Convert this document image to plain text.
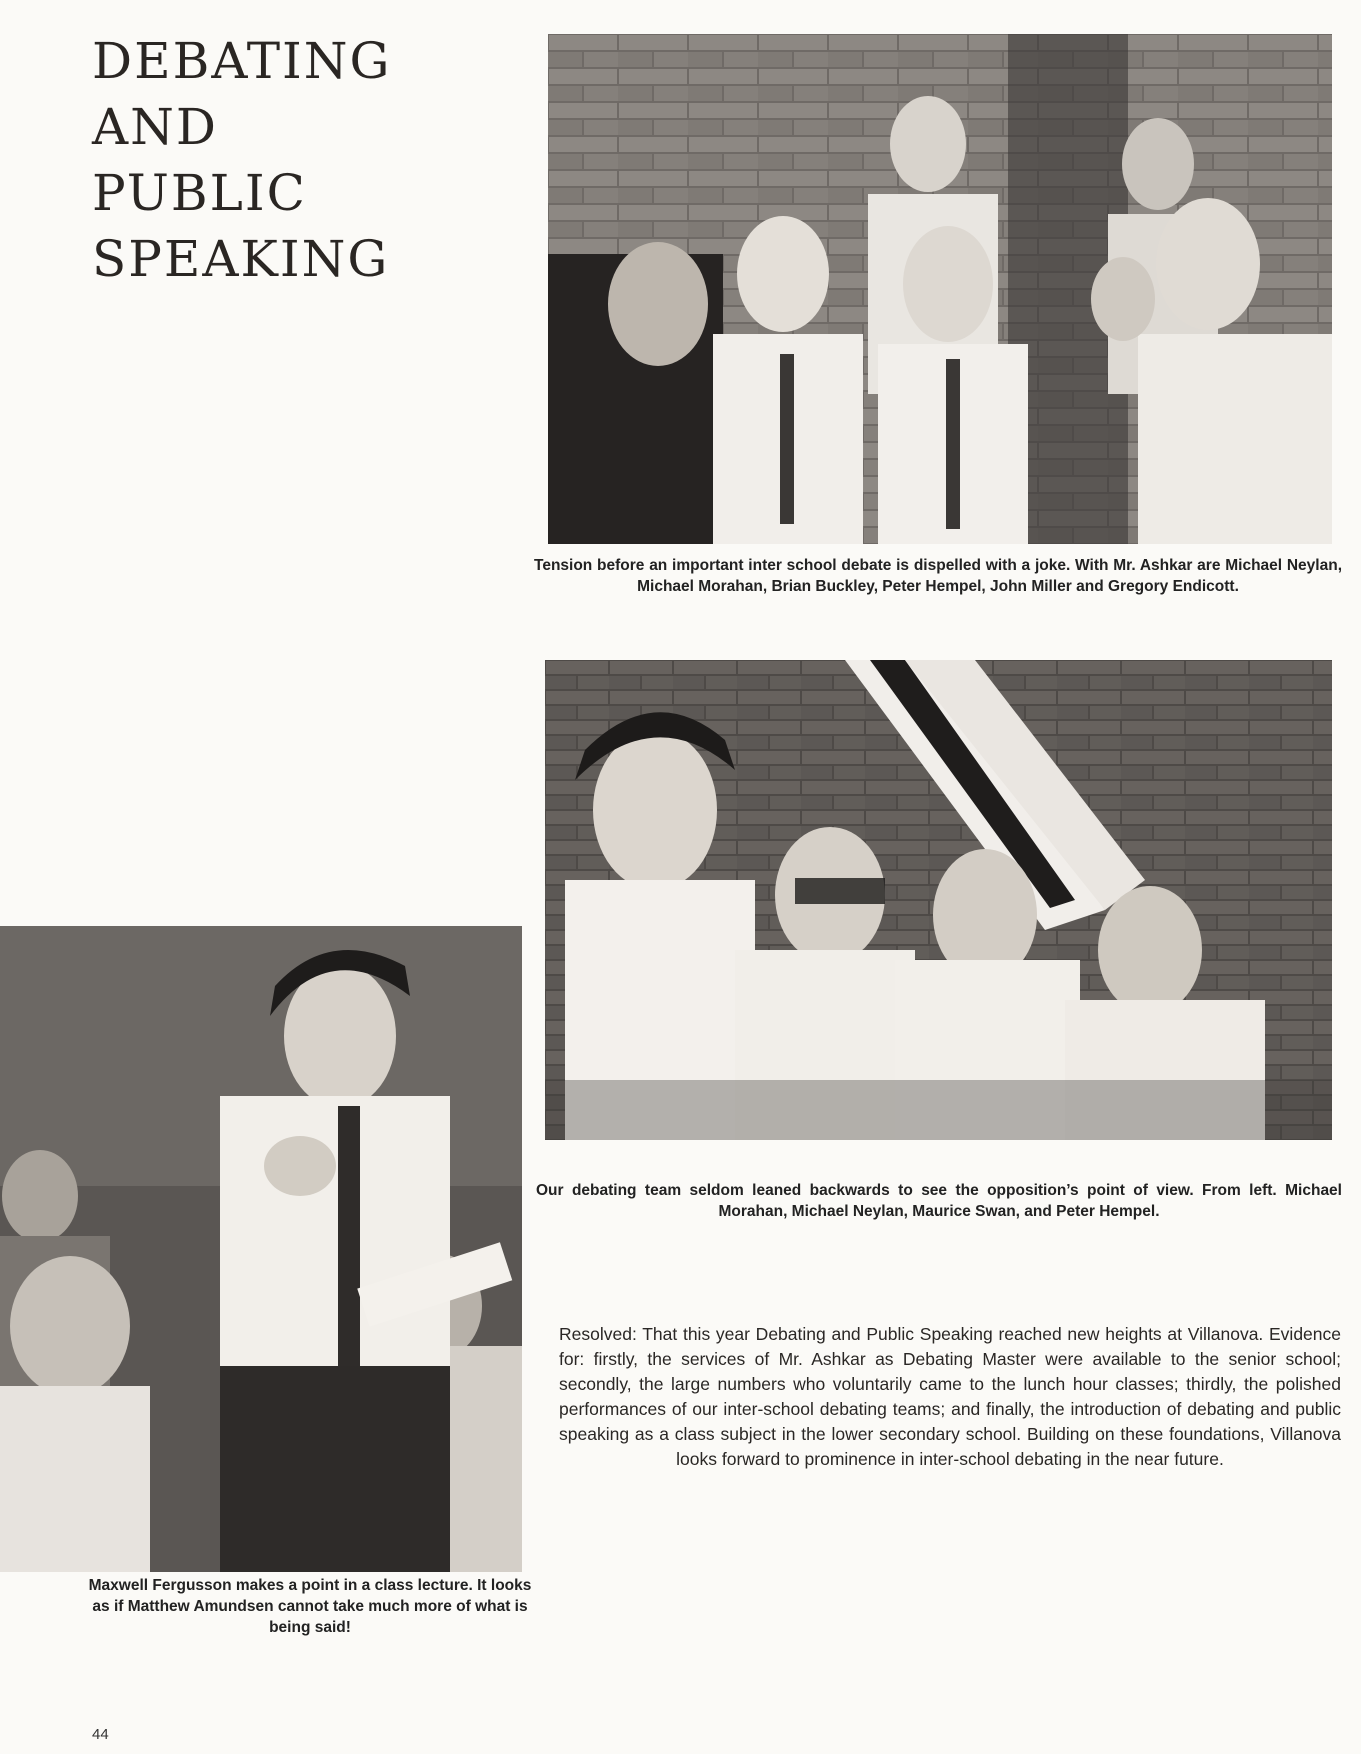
DEBATING
AND
PUBLIC
SPEAKING
Tension before an important inter school debate is dispelled with a joke. With Mr. Ashkar are Michael Neylan, Michael Morahan, Brian Buckley, Peter Hempel, John Miller and Gregory Endicott.
Our debating team seldom leaned backwards to see the opposition’s point of view. From left. Michael Morahan, Michael Neylan, Maurice Swan, and Peter Hempel.
Maxwell Fergusson makes a point in a class lecture. It looks as if Matthew Amundsen cannot take much more of what is being said!
Resolved: That this year Debating and Public Speaking reached new heights at Villanova. Evidence for: firstly, the services of Mr. Ashkar as Debating Master were available to the senior school; secondly, the large numbers who voluntarily came to the lunch hour classes; thirdly, the polished performances of our inter-school debating teams; and finally, the introduction of debating and public speaking as a class subject in the lower secondary school. Building on these foundations, Villanova looks forward to prominence in inter-school debating in the near future.
44
